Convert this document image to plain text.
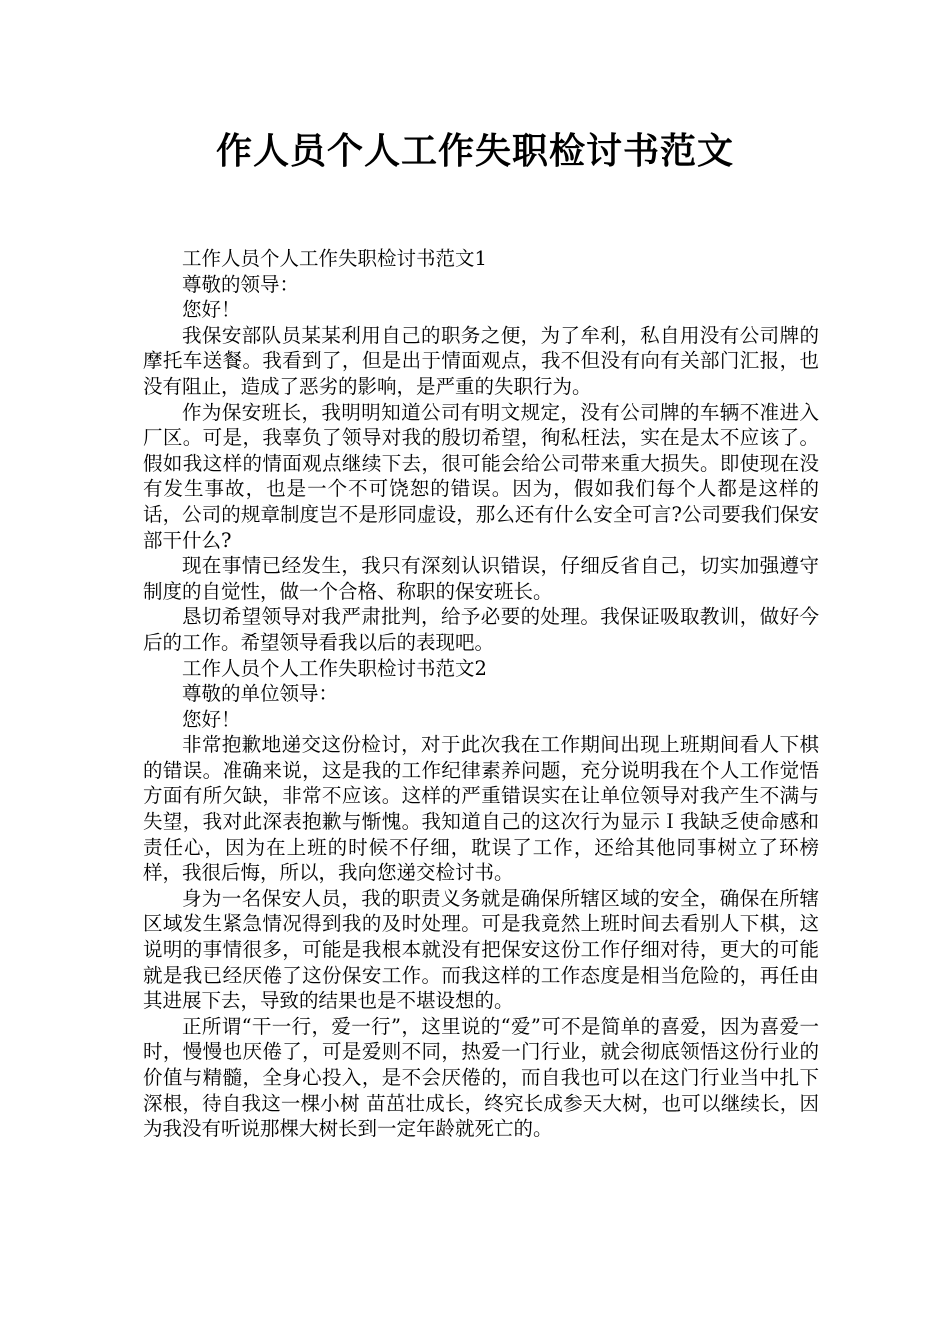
作人员个人工作失职检讨书范文

工作人员个人工作失职检讨书范文1

尊敬的领导：

您好！

我保安部队员某某利用自己的职务之便，为了牟利，私自用没有公司牌的摩托车送餐。我看到了，但是出于情面观点，我不但没有向有关部门汇报，也没有阻止，造成了恶劣的影响，是严重的失职行为。

作为保安班长，我明明知道公司有明文规定，没有公司牌的车辆不准进入厂区。可是，我辜负了领导对我的殷切希望，徇私枉法，实在是太不应该了。假如我这样的情面观点继续下去，很可能会给公司带来重大损失。即使现在没有发生事故，也是一个不可饶恕的错误。因为，假如我们每个人都是这样的话，公司的规章制度岂不是形同虚设，那么还有什么安全可言?公司要我们保安部干什么?

现在事情已经发生，我只有深刻认识错误，仔细反省自己，切实加强遵守制度的自觉性，做一个合格、称职的保安班长。

恳切希望领导对我严肃批判，给予必要的处理。我保证吸取教训，做好今后的工作。希望领导看我以后的表现吧。

工作人员个人工作失职检讨书范文2

尊敬的单位领导：

您好！

非常抱歉地递交这份检讨，对于此次我在工作期间出现上班期间看人下棋的错误。准确来说，这是我的工作纪律素养问题，充分说明我在个人工作觉悟方面有所欠缺，非常不应该。这样的严重错误实在让单位领导对我产生不满与失望，我对此深表抱歉与惭愧。我知道自己的这次行为显示Ｉ我缺乏使命感和责任心，因为在上班的时候不仔细，耽误了工作，还给其他同事树立了环榜样，我很后悔，所以，我向您递交检讨书。

身为一名保安人员，我的职责义务就是确保所辖区域的安全，确保在所辖区域发生紧急情况得到我的及时处理。可是我竟然上班时间去看别人下棋，这说明的事情很多，可能是我根本就没有把保安这份工作仔细对待，更大的可能就是我已经厌倦了这份保安工作。而我这样的工作态度是相当危险的，再任由其进展下去，导致的结果也是不堪设想的。

正所谓“干一行，爱一行”，这里说的“爱”可不是简单的喜爱，因为喜爱一时，慢慢也厌倦了，可是爱则不同，热爱一门行业，就会彻底领悟这份行业的价值与精髓，全身心投入，是不会厌倦的，而自我也可以在这门行业当中扎下深根，待自我这一棵小树 苗茁壮成长，终究长成参天大树，也可以继续长，因为我没有听说那棵大树长到一定年龄就死亡的。
